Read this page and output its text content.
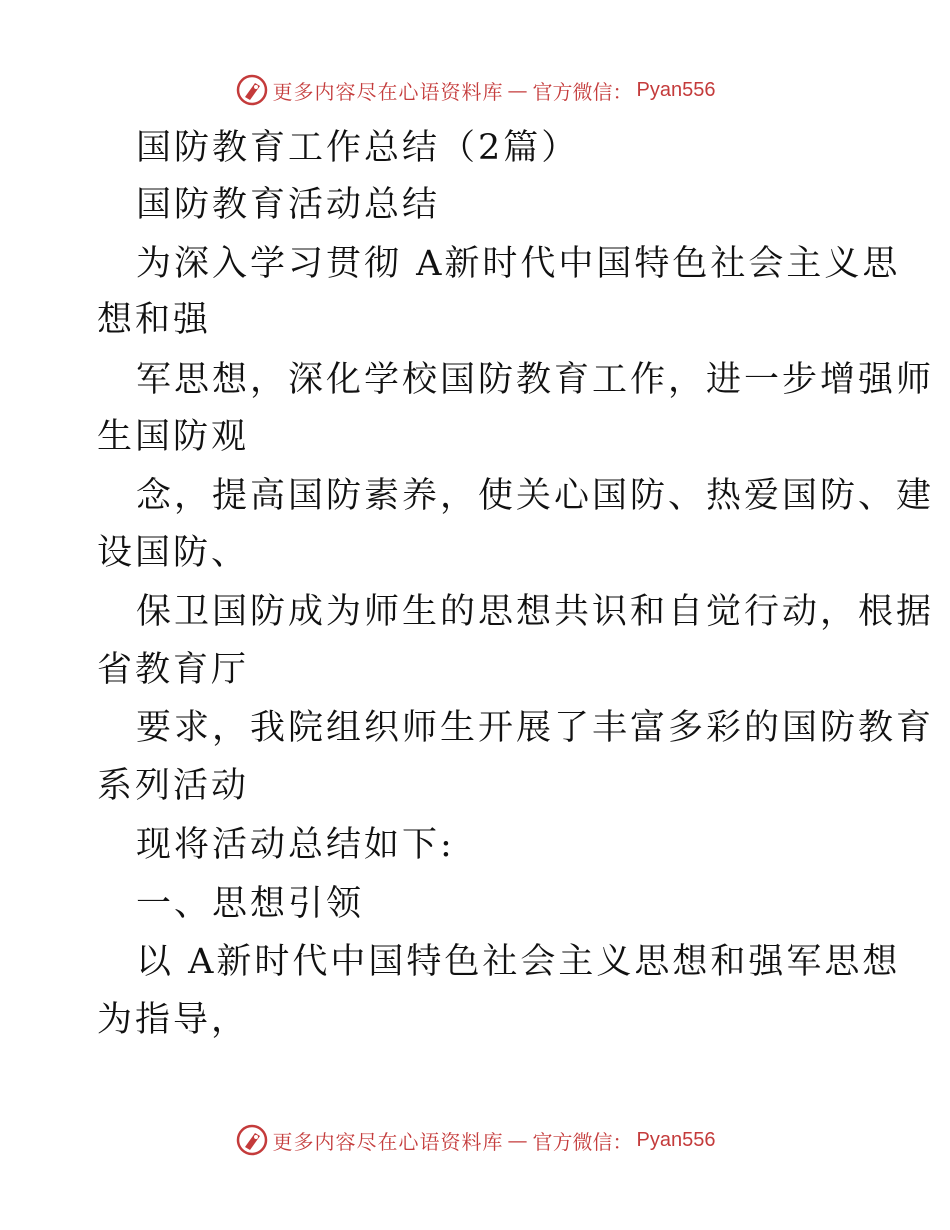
更多内容尽在心语资料库 — 官方微信： Pyan556
国防教育工作总结（2篇）
国防教育活动总结
为深入学习贯彻 A新时代中国特色社会主义思
想和强
军思想，深化学校国防教育工作，进一步增强师
生国防观
念，提高国防素养，使关心国防、热爱国防、建
设国防、
保卫国防成为师生的思想共识和自觉行动，根据
省教育厅
要求，我院组织师生开展了丰富多彩的国防教育
系列活动
现将活动总结如下:
一、思想引领
以 A新时代中国特色社会主义思想和强军思想
为指导，
更多内容尽在心语资料库 — 官方微信： Pyan556
